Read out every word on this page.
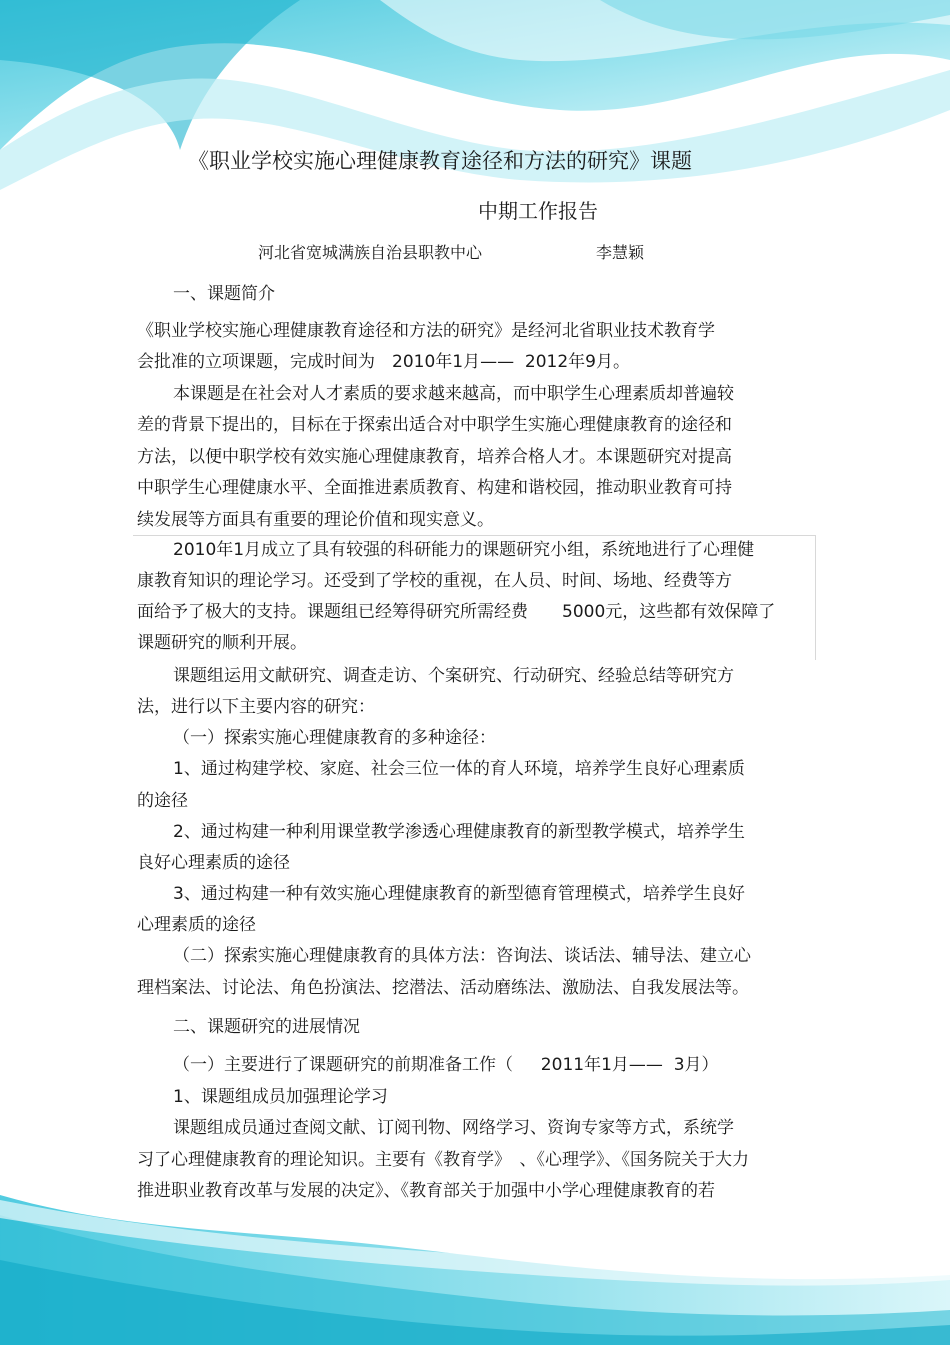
《职业学校实施心理健康教育途径和方法的研究》课题
中期工作报告
河北省宽城满族自治县职教中心	李慧颖
一、课题简介
《职业学校实施心理健康教育途径和方法的研究》是经河北省职业技术教育学
会批准的立项课题，完成时间为　2010年1月——  2012年9月。
本课题是在社会对人才素质的要求越来越高，而中职学生心理素质却普遍较
差的背景下提出的，目标在于探索出适合对中职学生实施心理健康教育的途径和
方法，以便中职学校有效实施心理健康教育，培养合格人才。本课题研究对提高
中职学生心理健康水平、全面推进素质教育、构建和谐校园，推动职业教育可持
续发展等方面具有重要的理论价值和现实意义。
2010年1月成立了具有较强的科研能力的课题研究小组，系统地进行了心理健
康教育知识的理论学习。还受到了学校的重视，在人员、时间、场地、经费等方
面给予了极大的支持。课题组已经筹得研究所需经费　　5000元，这些都有效保障了
课题研究的顺利开展。
课题组运用文献研究、调查走访、个案研究、行动研究、经验总结等研究方
法，进行以下主要内容的研究：
（一）探索实施心理健康教育的多种途径：
1、通过构建学校、家庭、社会三位一体的育人环境，培养学生良好心理素质
的途径
2、通过构建一种利用课堂教学渗透心理健康教育的新型教学模式，培养学生
良好心理素质的途径
3、通过构建一种有效实施心理健康教育的新型德育管理模式，培养学生良好
心理素质的途径
（二）探索实施心理健康教育的具体方法：咨询法、谈话法、辅导法、建立心
理档案法、讨论法、角色扮演法、挖潜法、活动磨练法、激励法、自我发展法等。
二、课题研究的进展情况
（一）主要进行了课题研究的前期准备工作（　  2011年1月——  3月）
1、课题组成员加强理论学习
课题组成员通过查阅文献、订阅刊物、网络学习、资询专家等方式，系统学
习了心理健康教育的理论知识。主要有《教育学》　、《心理学》、《国务院关于大力
推进职业教育改革与发展的决定》、《教育部关于加强中小学心理健康教育的若
